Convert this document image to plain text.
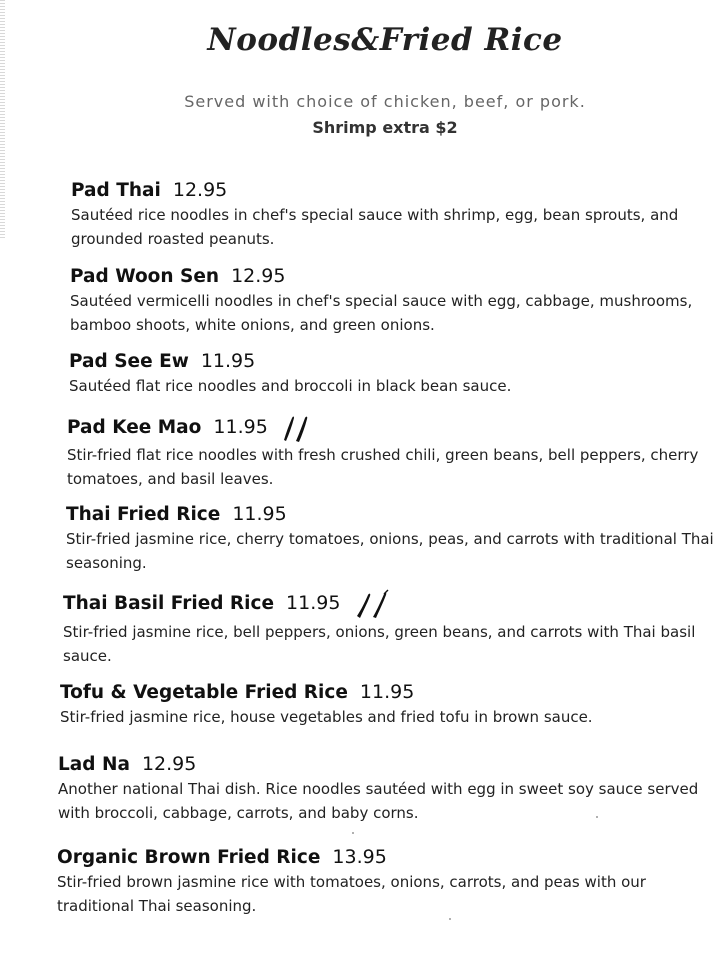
Noodles&Fried Rice
Served with choice of chicken, beef, or pork.
Shrimp extra $2
Pad Thai 12.95
Sautéed rice noodles in chef's special sauce with shrimp, egg, bean sprouts, and grounded roasted peanuts.
Pad Woon Sen 12.95
Sautéed vermicelli noodles in chef's special sauce with egg, cabbage, mushrooms, bamboo shoots, white onions, and green onions.
Pad See Ew 11.95
Sautéed flat rice noodles and broccoli in black bean sauce.
Pad Kee Mao 11.95
Stir-fried flat rice noodles with fresh crushed chili, green beans, bell peppers, cherry tomatoes, and basil leaves.
Thai Fried Rice 11.95
Stir-fried jasmine rice, cherry tomatoes, onions, peas, and carrots with traditional Thai seasoning.
Thai Basil Fried Rice 11.95
Stir-fried jasmine rice, bell peppers, onions, green beans, and carrots with Thai basil sauce.
Tofu & Vegetable Fried Rice 11.95
Stir-fried jasmine rice, house vegetables and fried tofu in brown sauce.
Lad Na 12.95
Another national Thai dish. Rice noodles sautéed with egg in sweet soy sauce served with broccoli, cabbage, carrots, and baby corns.
Organic Brown Fried Rice 13.95
Stir-fried brown jasmine rice with tomatoes, onions, carrots, and peas with our traditional Thai seasoning.
